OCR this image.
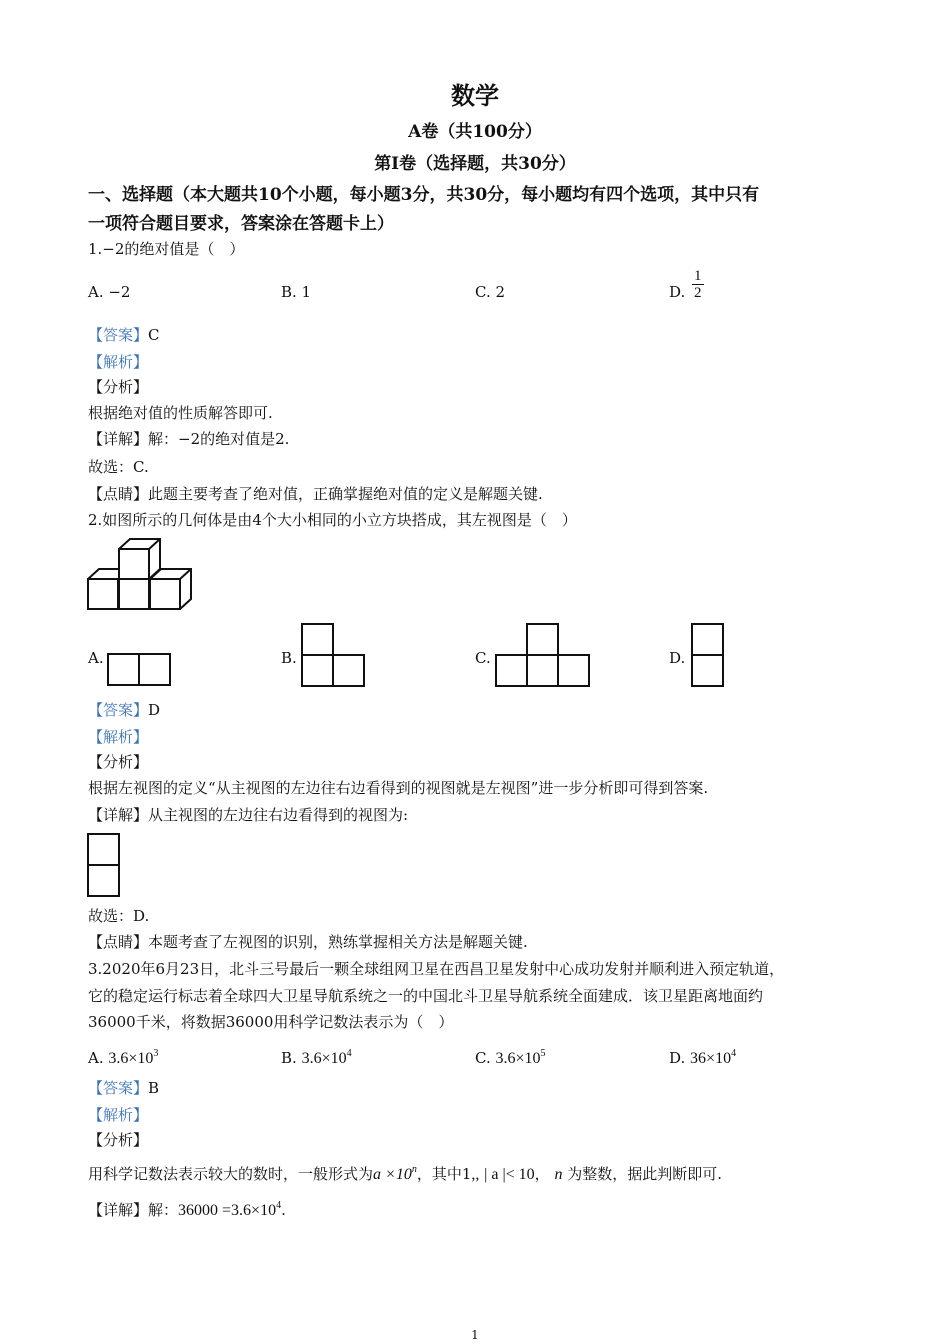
数学
A卷（共100分）
第Ⅰ卷（选择题，共30分）
一、选择题（本大题共10个小题，每小题3分，共30分，每小题均有四个选项，其中只有
一项符合题目要求，答案涂在答题卡上）
1.−2的绝对值是（　）
A. −2	B. 1	C. 2	D. $\frac{1}{2}$
【答案】C
【解析】
【分析】
根据绝对值的性质解答即可.
【详解】解：−2的绝对值是2.
故选：C.
【点睛】此题主要考查了绝对值，正确掌握绝对值的定义是解题关键.
2.如图所示的几何体是由4个大小相同的小立方块搭成，其左视图是（　）
A.	B.	C.	D.
【答案】D
【解析】
【分析】
根据左视图的定义“从主视图的左边往右边看得到的视图就是左视图”进一步分析即可得到答案.
【详解】从主视图的左边往右边看得到的视图为:
故选：D.
【点睛】本题考查了左视图的识别，熟练掌握相关方法是解题关键.
3.2020年6月23日，北斗三号最后一颗全球组网卫星在西昌卫星发射中心成功发射并顺利进入预定轨道，
它的稳定运行标志着全球四大卫星导航系统之一的中国北斗卫星导航系统全面建成．该卫星距离地面约
36000千米，将数据36000用科学记数法表示为（　）
A. $3.6\times 10^3$	B. $3.6\times 10^4$	C. $3.6\times 10^5$	D. $36\times 10^4$
【答案】B
【解析】
【分析】
用科学记数法表示较大的数时，一般形式为$a \times 10^n$，其中1,, | a |< 10， n 为整数，据此判断即可.
【详解】解：$36000 =3.6\times 10^4$.
1
